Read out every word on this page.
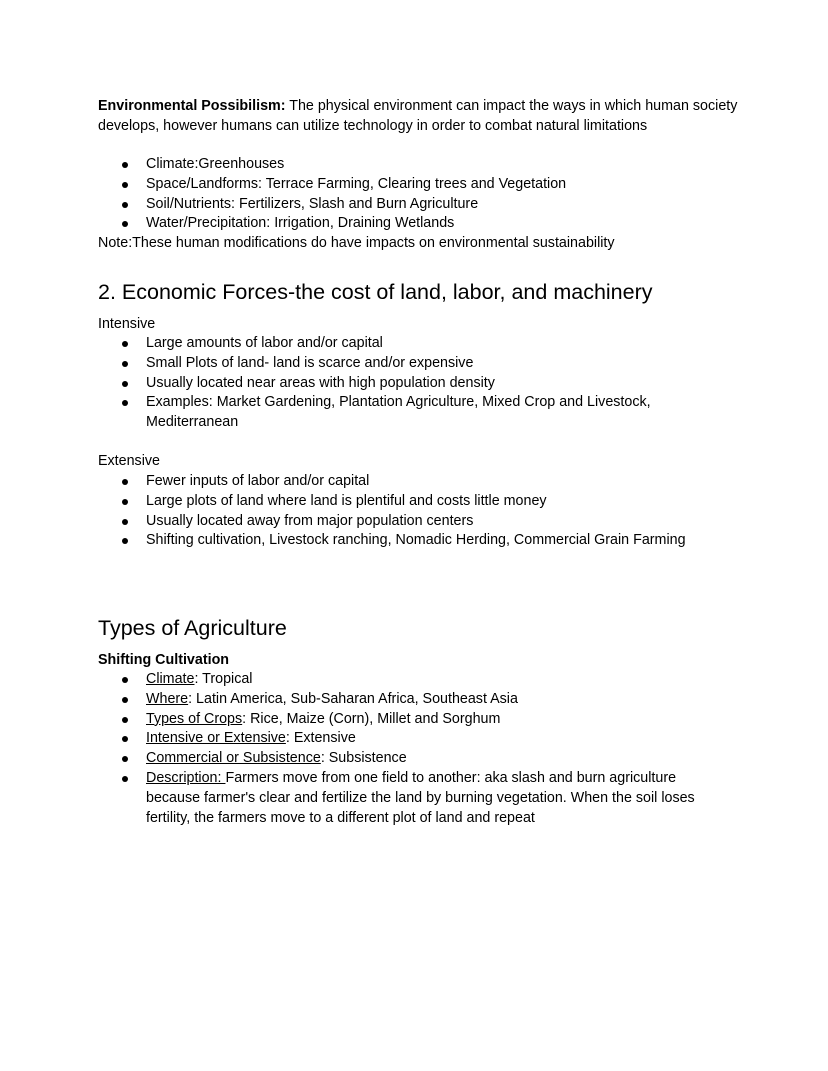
Environmental Possibilism: The physical environment can impact the ways in which human society develops, however humans can utilize technology in order to combat natural limitations

Climate:Greenhouses
Space/Landforms: Terrace Farming, Clearing trees and Vegetation
Soil/Nutrients: Fertilizers, Slash and Burn Agriculture
Water/Precipitation: Irrigation, Draining Wetlands

Note:These human modifications do have impacts on environmental sustainability

2. Economic Forces-the cost of land, labor, and machinery

Intensive

Large amounts of labor and/or capital
Small Plots of land- land is scarce and/or expensive
Usually located near areas with high population density
Examples: Market Gardening, Plantation Agriculture, Mixed Crop and Livestock, Mediterranean

Extensive

Fewer inputs of labor and/or capital
Large plots of land where land is plentiful and costs little money
Usually located away from major population centers
Shifting cultivation, Livestock ranching, Nomadic Herding, Commercial Grain Farming
Types of Agriculture

Shifting Cultivation

Climate: Tropical
Where: Latin America, Sub-Saharan Africa, Southeast Asia
Types of Crops: Rice, Maize (Corn), Millet and Sorghum
Intensive or Extensive: Extensive
Commercial or Subsistence: Subsistence
Description: Farmers move from one field to another: aka slash and burn agriculture because farmer's clear and fertilize the land by burning vegetation. When the soil loses fertility, the farmers move to a different plot of land and repeat
